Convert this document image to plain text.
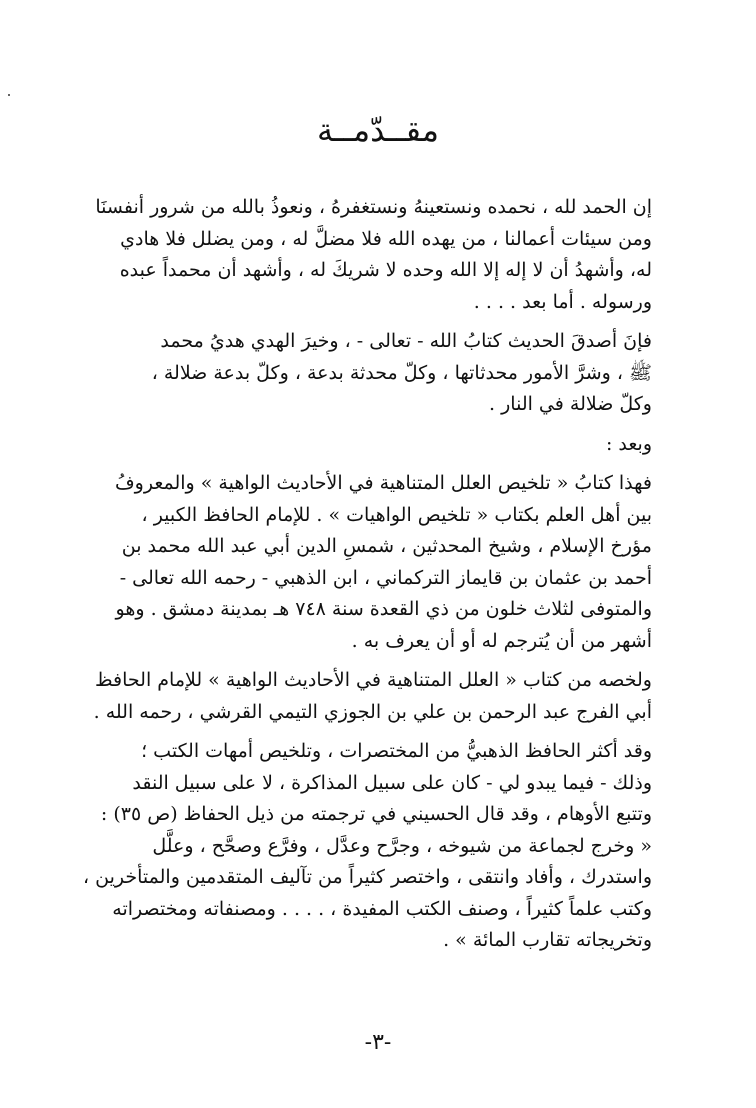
مقــدّمــة
إن الحمد لله ، نحمده ونستعينهُ ونستغفرهُ ، ونعوذُ بالله من شرور أنفسنَا
ومن سيئات أعمالنا ، من يهده الله فلا مضلَّ له ، ومن يضلل فلا هادي
له، وأشهدُ أن لا إله إلا الله وحده لا شريكَ له ، وأشهد أن محمداً عبده
ورسوله . أما بعد . . . .
فإنَ أصدقَ الحديث كتابُ الله - تعالى - ، وخيرَ الهدي هديُ محمد
ﷺ ، وشرَّ الأمور محدثاتها ، وكلّ محدثة بدعة ، وكلّ بدعة ضلالة ،
وكلّ ضلالة في النار .
وبعد :
فهذا كتابُ « تلخيص العلل المتناهية في الأحاديث الواهية » والمعروفُ
بين أهل العلم بكتاب « تلخيص الواهيات » . للإمام الحافظ الكبير ،
مؤرخ الإسلام ، وشيخ المحدثين ، شمسِ الدين أبي عبد الله محمد بن
أحمد بن عثمان بن قايماز التركماني ، ابن الذهبي - رحمه الله تعالى -
والمتوفى لثلاث خلون من ذي القعدة سنة ٧٤٨ هـ بمدينة دمشق . وهو
أشهر من أن يُترجم له أو أن يعرف به .
ولخصه من كتاب « العلل المتناهية في الأحاديث الواهية » للإمام الحافظ
أبي الفرج عبد الرحمن بن علي بن الجوزي التيمي القرشي ، رحمه الله .
وقد أكثر الحافظ الذهبيُّ من المختصرات ، وتلخيص أمهات الكتب ؛
وذلك - فيما يبدو لي - كان على سبيل المذاكرة ، لا على سبيل النقد
وتتبع الأوهام ، وقد قال الحسيني في ترجمته من ذيل الحفاظ (ص ٣٥) :
« وخرج لجماعة من شيوخه ، وجرَّح وعدَّل ، وفرَّع وصحَّح ، وعلَّل
واستدرك ، وأفاد وانتقى ، واختصر كثيراً من تآليف المتقدمين والمتأخرين ،
وكتب علماً كثيراً ، وصنف الكتب المفيدة ، . . . . ومصنفاته ومختصراته
وتخريجاته تقارب المائة » .
-٣-
